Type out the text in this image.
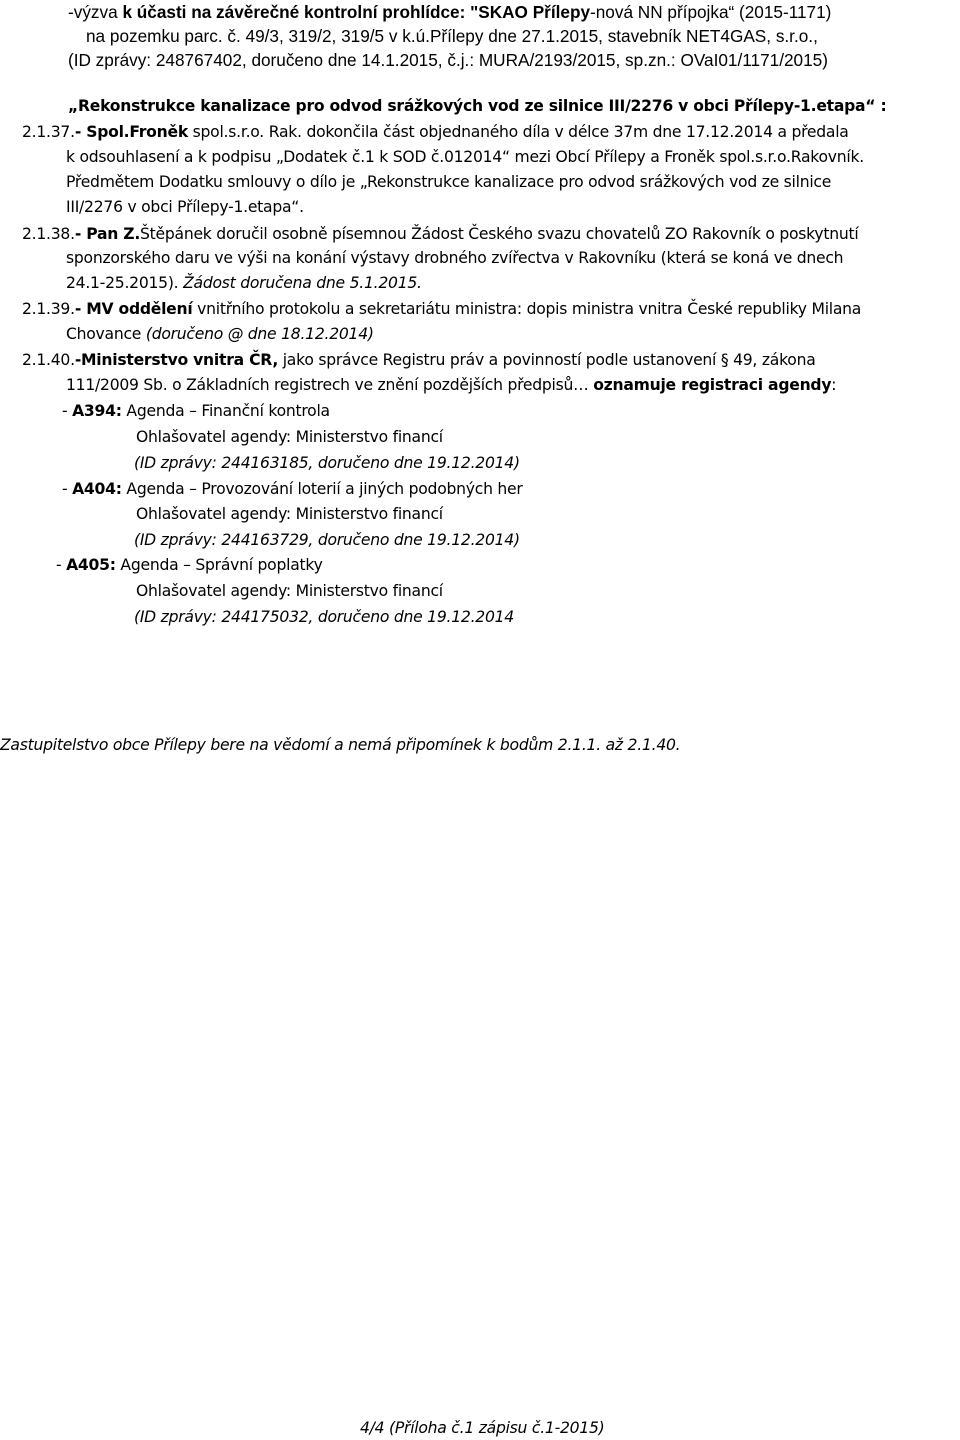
-výzva k účasti na závěrečné kontrolní prohlídce: "SKAO Přílepy-nová NN přípojka“ (2015-1171)
na pozemku parc. č. 49/3, 319/2, 319/5 v k.ú.Přílepy dne 27.1.2015, stavebník NET4GAS, s.r.o.,
(ID zprávy: 248767402, doručeno dne 14.1.2015, č.j.: MURA/2193/2015, sp.zn.: OVaI01/1171/2015)
„Rekonstrukce kanalizace pro odvod srážkových vod ze silnice III/2276 v obci Přílepy-1.etapa“ :
2.1.37.- Spol.Froněk spol.s.r.o. Rak. dokončila část objednaného díla v délce 37m dne 17.12.2014 a předala
k odsouhlasení a k podpisu „Dodatek č.1 k SOD č.012014“ mezi Obcí Přílepy a Froněk spol.s.r.o.Rakovník.
Předmětem Dodatku smlouvy o dílo je „Rekonstrukce kanalizace pro odvod srážkových vod ze silnice
III/2276 v obci Přílepy-1.etapa“.
2.1.38.- Pan Z.Štěpánek doručil osobně písemnou Žádost Českého svazu chovatelů ZO Rakovník o poskytnutí
sponzorského daru ve výši na konání výstavy drobného zvířectva v Rakovníku (která se koná ve dnech
24.1-25.2015). Žádost doručena dne 5.1.2015.
2.1.39.- MV oddělení vnitřního protokolu a sekretariátu ministra: dopis ministra vnitra České republiky Milana
Chovance (doručeno @ dne 18.12.2014)
2.1.40.-Ministerstvo vnitra ČR, jako správce Registru práv a povinností podle ustanovení § 49, zákona
111/2009 Sb. o Základních registrech ve znění pozdějších předpisů… oznamuje registraci agendy:
- A394: Agenda – Finanční kontrola
Ohlašovatel agendy: Ministerstvo financí
(ID zprávy: 244163185, doručeno dne 19.12.2014)
- A404: Agenda – Provozování loterií a jiných podobných her
Ohlašovatel agendy: Ministerstvo financí
(ID zprávy: 244163729, doručeno dne 19.12.2014)
- A405: Agenda – Správní poplatky
Ohlašovatel agendy: Ministerstvo financí
(ID zprávy: 244175032, doručeno dne 19.12.2014
Zastupitelstvo obce Přílepy bere na vědomí a nemá připomínek k bodům 2.1.1. až 2.1.40.
4/4 (Příloha č.1 zápisu č.1-2015)
